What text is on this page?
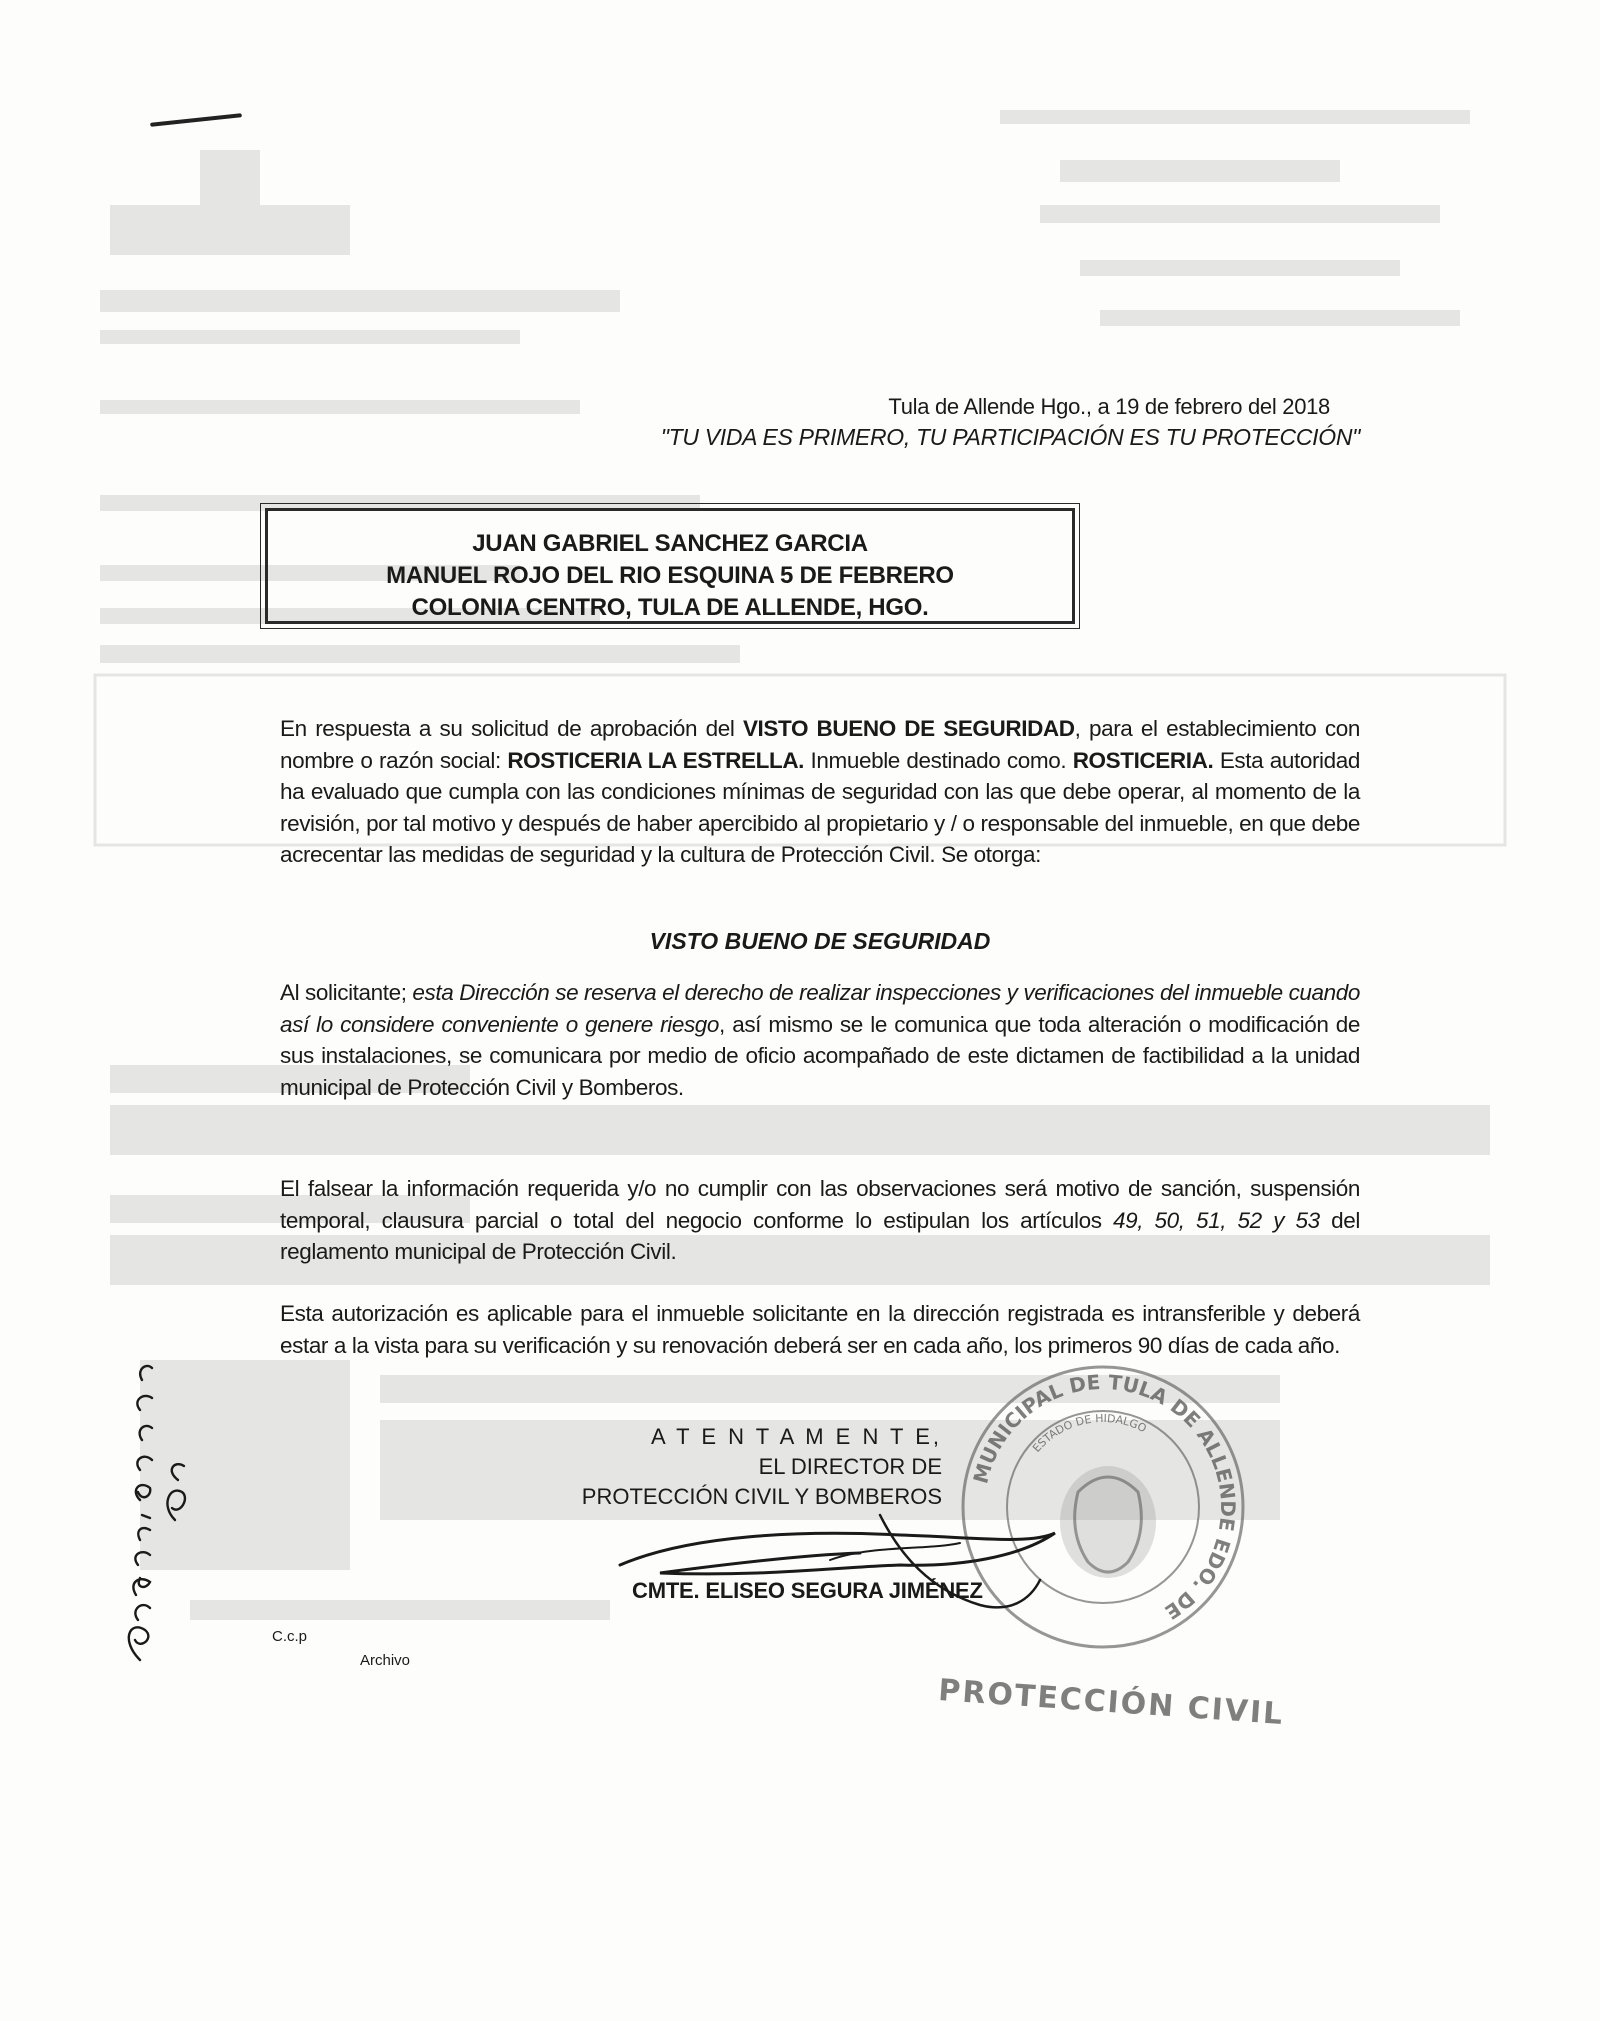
Tula de Allende Hgo., a 19 de febrero del 2018
"TU VIDA ES PRIMERO, TU PARTICIPACIÓN ES TU PROTECCIÓN"
JUAN GABRIEL SANCHEZ GARCIA
MANUEL ROJO DEL RIO ESQUINA 5 DE FEBRERO
COLONIA CENTRO, TULA DE ALLENDE, HGO.
En respuesta a su solicitud de aprobación del VISTO BUENO DE SEGURIDAD, para el establecimiento con nombre o razón social: ROSTICERIA LA ESTRELLA. Inmueble destinado como. ROSTICERIA. Esta autoridad ha evaluado que cumpla con las condiciones mínimas de seguridad con las que debe operar, al momento de la revisión, por tal motivo y después de haber apercibido al propietario y / o responsable del inmueble, en que debe acrecentar las medidas de seguridad y la cultura de Protección Civil. Se otorga:
VISTO BUENO DE SEGURIDAD
Al solicitante; esta Dirección se reserva el derecho de realizar inspecciones y verificaciones del inmueble cuando así lo considere conveniente o genere riesgo, así mismo se le comunica que toda alteración o modificación de sus instalaciones, se comunicara por medio de oficio acompañado de este dictamen de factibilidad a la unidad municipal de Protección Civil y Bomberos.
El falsear la información requerida y/o no cumplir con las observaciones será motivo de sanción, suspensión temporal, clausura parcial o total del negocio conforme lo estipulan los artículos 49, 50, 51, 52 y 53 del reglamento municipal de Protección Civil.
Esta autorización es aplicable para el inmueble solicitante en la dirección registrada es intransferible y deberá estar a la vista para su verificación y su renovación deberá ser en cada año, los primeros 90 días de cada año.
MUNICIPAL DE TULA DE ALLENDE EDO. DE
ESTADO DE HIDALGO
A T E N T A M E N T E,
EL DIRECTOR DE
PROTECCIÓN CIVIL Y BOMBEROS
CMTE. ELISEO SEGURA JIMÉNEZ
PROTECCIÓN CIVIL
C.c.p
Archivo
